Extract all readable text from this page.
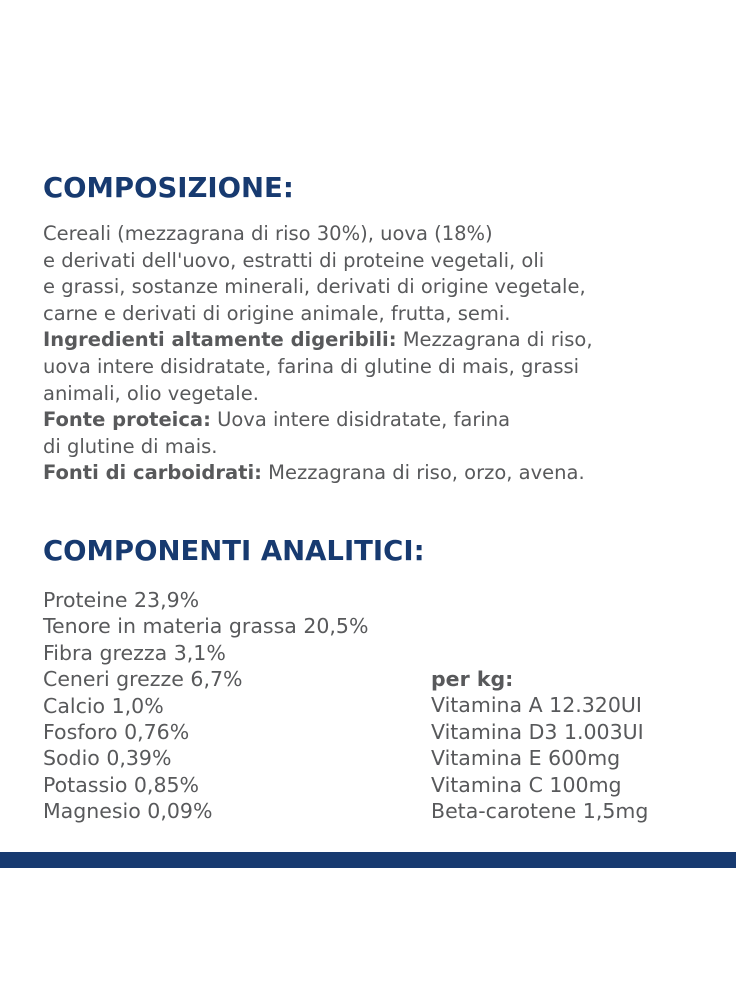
COMPOSIZIONE:
Cereali (mezzagrana di riso 30%), uova (18%)
e derivati dell'uovo, estratti di proteine vegetali, oli
e grassi, sostanze minerali, derivati di origine vegetale,
carne e derivati di origine animale, frutta, semi.
Ingredienti altamente digeribili: Mezzagrana di riso,
uova intere disidratate, farina di glutine di mais, grassi
animali, olio vegetale.
Fonte proteica: Uova intere disidratate, farina
di glutine di mais.
Fonti di carboidrati: Mezzagrana di riso, orzo, avena.
COMPONENTI ANALITICI:
Proteine 23,9%
Tenore in materia grassa 20,5%
Fibra grezza 3,1%
Ceneri grezze 6,7%
Calcio 1,0%
Fosforo 0,76%
Sodio 0,39%
Potassio 0,85%
Magnesio 0,09%
per kg:
Vitamina A 12.320UI
Vitamina D3 1.003UI
Vitamina E 600mg
Vitamina C 100mg
Beta-carotene 1,5mg
